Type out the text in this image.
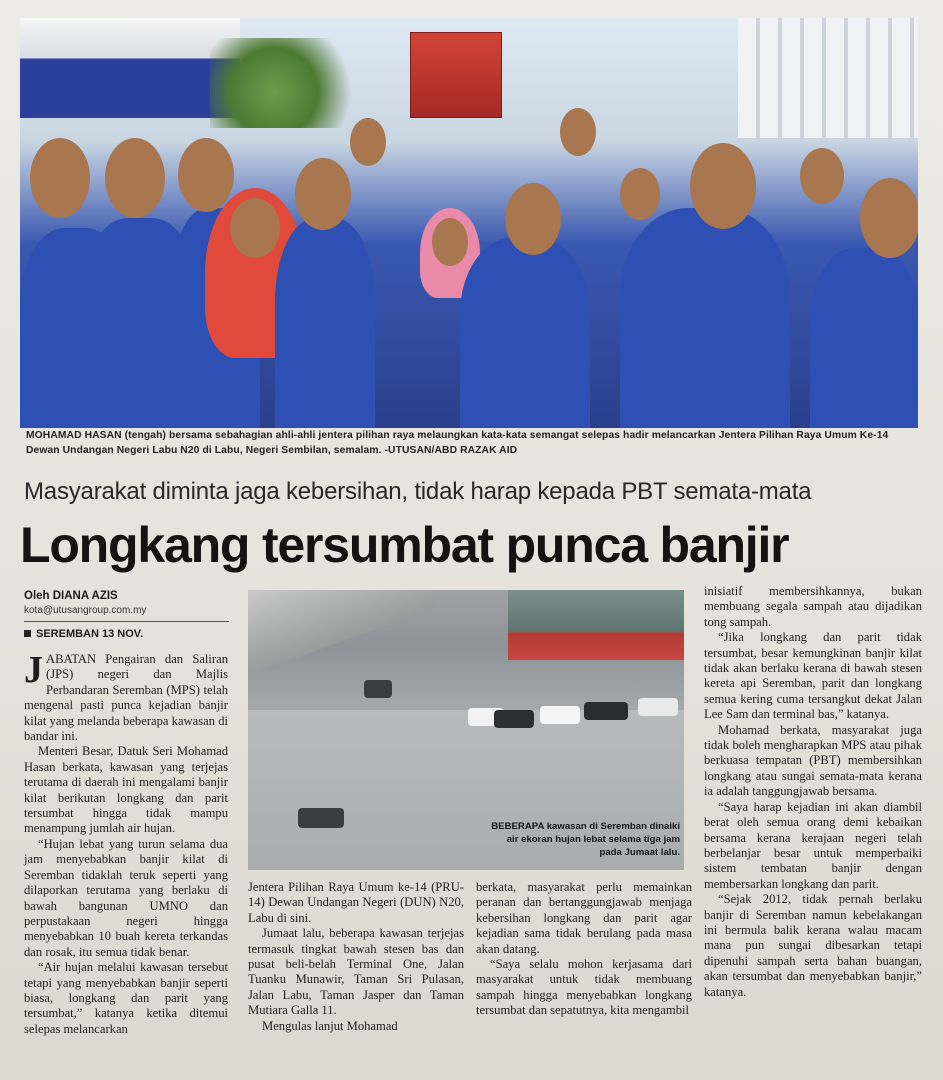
MOHAMAD HASAN (tengah) bersama sebahagian ahli-ahli jentera pilihan raya melaungkan kata-kata semangat selepas hadir melancarkan Jentera Pilihan Raya Umum Ke-14 Dewan Undangan Negeri Labu N20 di Labu, Negeri Sembilan, semalam. -UTUSAN/ABD RAZAK AID
Masyarakat diminta jaga kebersihan, tidak harap kepada PBT semata-mata
Longkang tersumbat punca banjir
Oleh DIANA AZIS
kota@utusangroup.com.my
SEREMBAN 13 NOV.

JABATAN Pengairan dan Saliran (JPS) negeri dan Majlis Perbandaran Seremban (MPS) telah mengenal pasti punca kejadian banjir kilat yang melanda beberapa kawasan di bandar ini.

Menteri Besar, Datuk Seri Mohamad Hasan berkata, kawasan yang terjejas terutama di daerah ini mengalami banjir kilat berikutan longkang dan parit tersumbat hingga tidak mampu menampung jumlah air hujan.

“Hujan lebat yang turun selama dua jam menyebabkan banjir kilat di Seremban tidaklah teruk seperti yang dilaporkan terutama yang berlaku di bawah bangunan UMNO dan perpustakaan negeri hingga menyebabkan 10 buah kereta terkandas dan rosak, itu semua tidak benar.

“Air hujan melalui kawasan tersebut tetapi yang menyebabkan banjir seperti biasa, longkang dan parit yang tersumbat,” katanya ketika ditemui selepas melancarkan

BEBERAPA kawasan di Seremban dinaiki air ekoran hujan lebat selama tiga jam pada Jumaat lalu.

Jentera Pilihan Raya Umum ke-14 (PRU-14) Dewan Undangan Negeri (DUN) N20, Labu di sini.

Jumaat lalu, beberapa kawasan terjejas termasuk tingkat bawah stesen bas dan pusat beli-belah Terminal One, Jalan Tuanku Munawir, Taman Sri Pulasan, Jalan Labu, Taman Jasper dan Taman Mutiara Galla 11.

Mengulas lanjut Mohamad

berkata, masyarakat perlu memainkan peranan dan bertanggungjawab menjaga kebersihan longkang dan parit agar kejadian sama tidak berulang pada masa akan datang.

“Saya selalu mohon kerjasama dari masyarakat untuk tidak membuang sampah hingga menyebabkan longkang tersumbat dan sepatutnya, kita mengambil

inisiatif membersihkannya, bukan membuang segala sampah atau dijadikan tong sampah.

“Jika longkang dan parit tidak tersumbat, besar kemungkinan banjir kilat tidak akan berlaku kerana di bawah stesen kereta api Seremban, parit dan longkang semua kering cuma tersangkut dekat Jalan Lee Sam dan terminal bas,” katanya.

Mohamad berkata, masyarakat juga tidak boleh mengharapkan MPS atau pihak berkuasa tempatan (PBT) membersihkan longkang atau sungai semata-mata kerana ia adalah tanggungjawab bersama.

“Saya harap kejadian ini akan diambil berat oleh semua orang demi kebaikan bersama kerana kerajaan negeri telah berbelanjar besar untuk memperbaiki sistem tembatan banjir dengan membersarkan longkang dan parit.

“Sejak 2012, tidak pernah berlaku banjir di Seremban namun kebelakangan ini bermula balik kerana walau macam mana pun sungai dibesarkan tetapi dipenuhi sampah serta bahan buangan, akan tersumbat dan menyebabkan banjir,” katanya.
